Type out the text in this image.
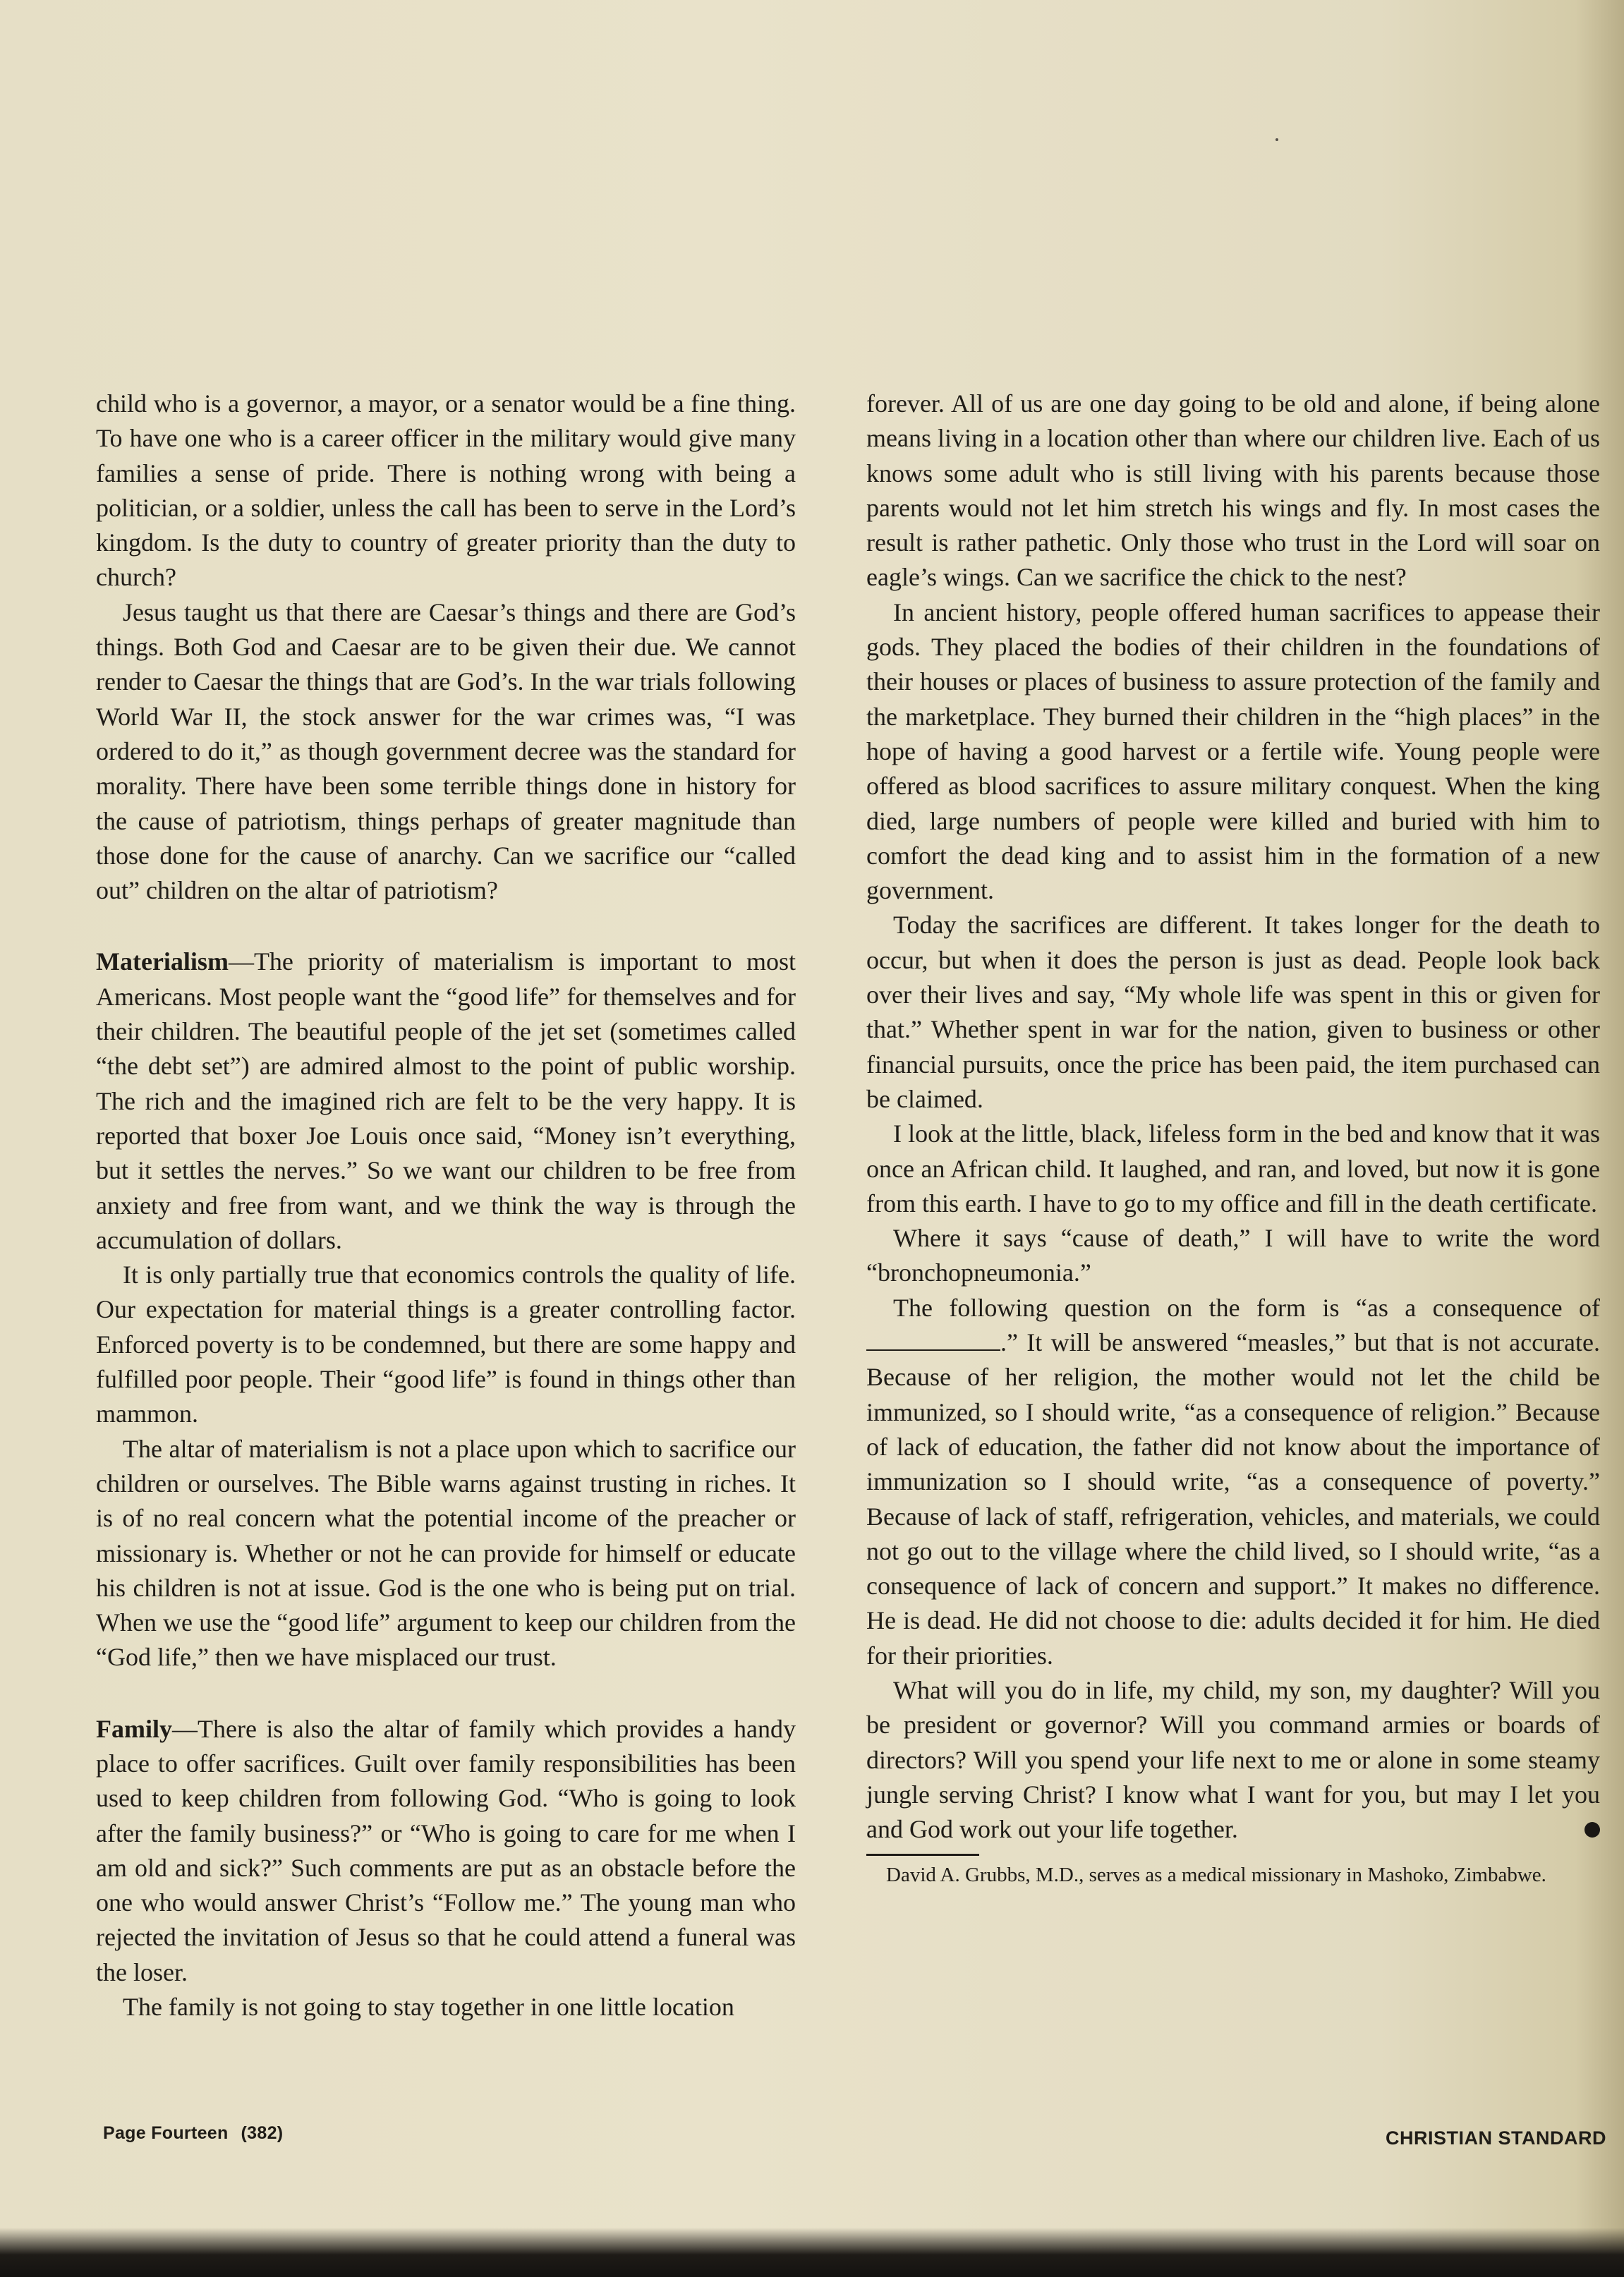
child who is a governor, a mayor, or a senator would be a fine thing. To have one who is a career officer in the military would give many families a sense of pride. There is nothing wrong with being a politician, or a soldier, unless the call has been to serve in the Lord’s kingdom. Is the duty to country of greater priority than the duty to church?

Jesus taught us that there are Caesar’s things and there are God’s things. Both God and Caesar are to be given their due. We cannot render to Caesar the things that are God’s. In the war trials following World War II, the stock answer for the war crimes was, “I was ordered to do it,” as though government decree was the standard for morality. There have been some terrible things done in history for the cause of patriotism, things perhaps of greater magnitude than those done for the cause of anarchy. Can we sacrifice our “called out” children on the altar of patriotism?

Materialism—The priority of materialism is important to most Americans. Most people want the “good life” for themselves and for their children. The beautiful people of the jet set (sometimes called “the debt set”) are admired almost to the point of public worship. The rich and the imagined rich are felt to be the very happy. It is reported that boxer Joe Louis once said, “Money isn’t everything, but it settles the nerves.” So we want our children to be free from anxiety and free from want, and we think the way is through the accumulation of dollars.

It is only partially true that economics controls the quality of life. Our expectation for material things is a greater controlling factor. Enforced poverty is to be condemned, but there are some happy and fulfilled poor people. Their “good life” is found in things other than mammon.

The altar of materialism is not a place upon which to sacrifice our children or ourselves. The Bible warns against trusting in riches. It is of no real concern what the potential income of the preacher or missionary is. Whether or not he can provide for himself or educate his children is not at issue. God is the one who is being put on trial. When we use the “good life” argument to keep our children from the “God life,” then we have misplaced our trust.

Family—There is also the altar of family which provides a handy place to offer sacrifices. Guilt over family responsibilities has been used to keep children from following God. “Who is going to look after the family business?” or “Who is going to care for me when I am old and sick?” Such comments are put as an obstacle before the one who would answer Christ’s “Follow me.” The young man who rejected the invitation of Jesus so that he could attend a funeral was the loser.

The family is not going to stay together in one little location

forever. All of us are one day going to be old and alone, if being alone means living in a location other than where our children live. Each of us knows some adult who is still living with his parents because those parents would not let him stretch his wings and fly. In most cases the result is rather pathetic. Only those who trust in the Lord will soar on eagle’s wings. Can we sacrifice the chick to the nest?

In ancient history, people offered human sacrifices to appease their gods. They placed the bodies of their children in the foundations of their houses or places of business to assure protection of the family and the marketplace. They burned their children in the “high places” in the hope of having a good harvest or a fertile wife. Young people were offered as blood sacrifices to assure military conquest. When the king died, large numbers of people were killed and buried with him to comfort the dead king and to assist him in the formation of a new government.

Today the sacrifices are different. It takes longer for the death to occur, but when it does the person is just as dead. People look back over their lives and say, “My whole life was spent in this or given for that.” Whether spent in war for the nation, given to business or other financial pursuits, once the price has been paid, the item purchased can be claimed.

I look at the little, black, lifeless form in the bed and know that it was once an African child. It laughed, and ran, and loved, but now it is gone from this earth. I have to go to my office and fill in the death certificate.

Where it says “cause of death,” I will have to write the word “bronchopneumonia.”

The following question on the form is “as a consequence of .” It will be answered “measles,” but that is not accurate. Because of her religion, the mother would not let the child be immunized, so I should write, “as a consequence of religion.” Because of lack of education, the father did not know about the importance of immunization so I should write, “as a consequence of poverty.” Because of lack of staff, refrigeration, vehicles, and materials, we could not go out to the village where the child lived, so I should write, “as a consequence of lack of concern and support.” It makes no difference. He is dead. He did not choose to die: adults decided it for him. He died for their priorities.

What will you do in life, my child, my son, my daughter? Will you be president or governor? Will you command armies or boards of directors? Will you spend your life next to me or alone in some steamy jungle serving Christ? I know what I want for you, but may I let you and God work out your life together.

David A. Grubbs, M.D., serves as a medical missionary in Mashoko, Zimbabwe.
Page Fourteen (382)	CHRISTIAN STANDARD
